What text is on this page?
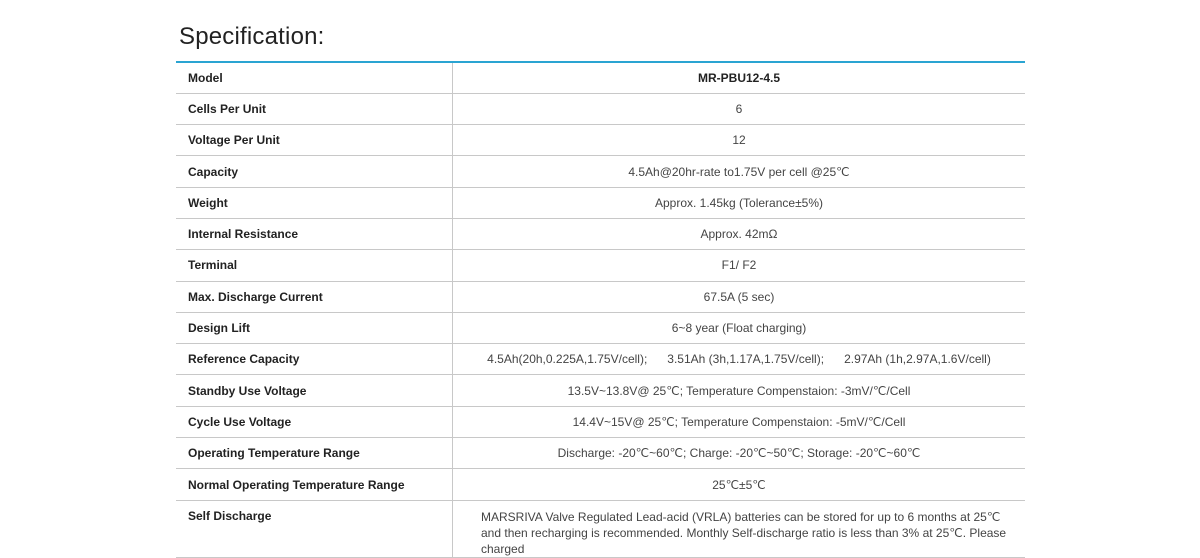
Specification:
Model	MR-PBU12-4.5
Cells Per Unit	6
Voltage Per Unit	12
Capacity	4.5Ah@20hr-rate to1.75V per cell @25℃
Weight	Approx. 1.45kg (Tolerance±5%)
Internal Resistance	Approx. 42mΩ
Terminal	F1/ F2
Max. Discharge Current	67.5A (5 sec)
Design Lift	6~8 year (Float charging)
Reference Capacity	4.5Ah(20h,0.225A,1.75V/cell); 3.51Ah (3h,1.17A,1.75V/cell); 2.97Ah (1h,2.97A,1.6V/cell)
Standby Use Voltage	13.5V~13.8V@ 25℃; Temperature Compenstaion: -3mV/℃/Cell
Cycle Use Voltage	14.4V~15V@ 25℃; Temperature Compenstaion: -5mV/℃/Cell
Operating Temperature Range	Discharge: -20℃~60℃; Charge: -20℃~50℃; Storage: -20℃~60℃
Normal Operating Temperature Range	25℃±5℃
Self Discharge	MARSRIVA Valve Regulated Lead-acid (VRLA) batteries can be stored for up to 6 months at 25℃ and then recharging is recommended. Monthly Self-discharge ratio is less than 3% at 25℃. Please charged
